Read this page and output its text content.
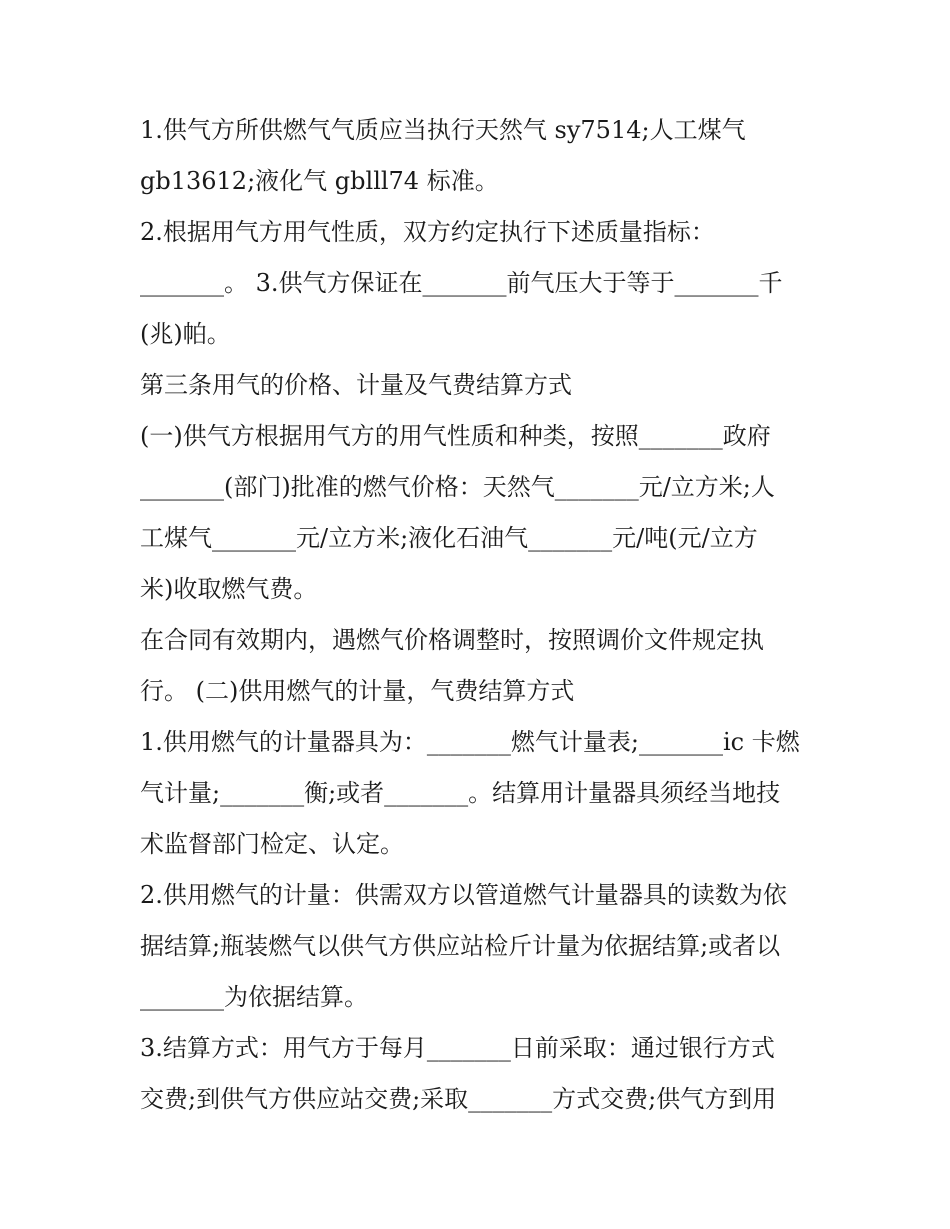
1.供气方所供燃气气质应当执行天然气 sy7514;人工煤气
gb13612;液化气 gblll74 标准。
2.根据用气方用气性质，双方约定执行下述质量指标：
_______。 3.供气方保证在_______前气压大于等于_______千
(兆)帕。
第三条用气的价格、计量及气费结算方式
(一)供气方根据用气方的用气性质和种类，按照_______政府
_______(部门)批准的燃气价格：天然气_______元/立方米;人
工煤气_______元/立方米;液化石油气_______元/吨(元/立方
米)收取燃气费。
在合同有效期内，遇燃气价格调整时，按照调价文件规定执
行。 (二)供用燃气的计量，气费结算方式
1.供用燃气的计量器具为：_______燃气计量表;_______ic 卡燃
气计量;_______衡;或者_______。结算用计量器具须经当地技
术监督部门检定、认定。
2.供用燃气的计量：供需双方以管道燃气计量器具的读数为依
据结算;瓶装燃气以供气方供应站检斤计量为依据结算;或者以
_______为依据结算。
3.结算方式：用气方于每月_______日前采取：通过银行方式
交费;到供气方供应站交费;采取_______方式交费;供气方到用
